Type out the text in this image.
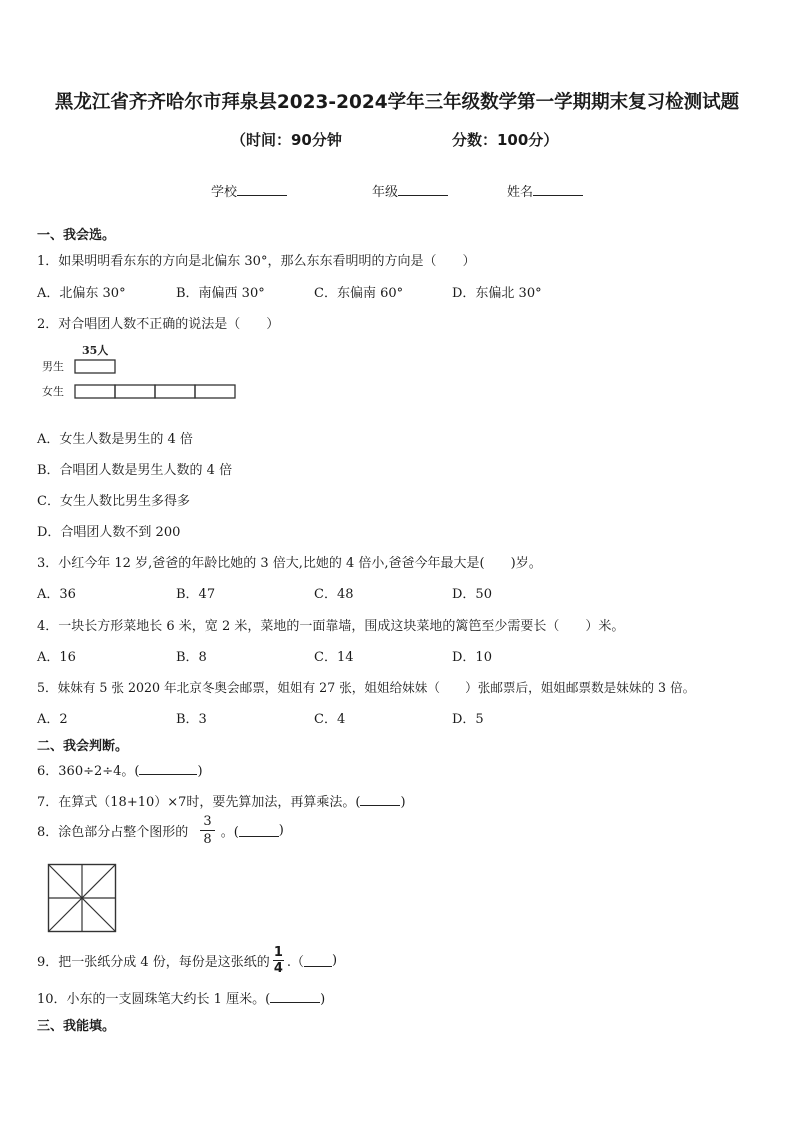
黑龙江省齐齐哈尔市拜泉县2023-2024学年三年级数学第一学期期末复习检测试题
（时间：90分钟	分数：100分）
学校	年级	姓名
一、我会选。
1．如果明明看东东的方向是北偏东 30°，那么东东看明明的方向是（　　）
A．北偏东 30°	B．南偏西 30°	C．东偏南 60°	D．东偏北 30°
2．对合唱团人数不正确的说法是（　　）
35人
男生
女生
A．女生人数是男生的 4 倍
B．合唱团人数是男生人数的 4 倍
C．女生人数比男生多得多
D．合唱团人数不到 200
3．小红今年 12 岁,爸爸的年龄比她的 3 倍大,比她的 4 倍小,爸爸今年最大是(　　)岁。
A．36	B．47	C．48	D．50
4．一块长方形菜地长 6 米，宽 2 米，菜地的一面靠墙，围成这块菜地的篱笆至少需要长（　　）米。
A．16	B．8	C．14	D．10
5．妹妹有 5 张 2020 年北京冬奥会邮票，姐姐有 27 张，姐姐给妹妹（　　）张邮票后，姐姐邮票数是妹妹的 3 倍。
A．2	B．3	C．4	D．5
二、我会判断。
6．360÷2÷4。(	)
7．在算式（18+10）×7时，要先算加法，再算乘法。(	)
8．涂色部分占整个图形的 $\frac{3}{8}$ 。(	)
9．把一张纸分成 4 份，每份是这张纸的 $\frac{1}{4}$ .（ )
10．小东的一支圆珠笔大约长 1 厘米。(	)
三、我能填。
